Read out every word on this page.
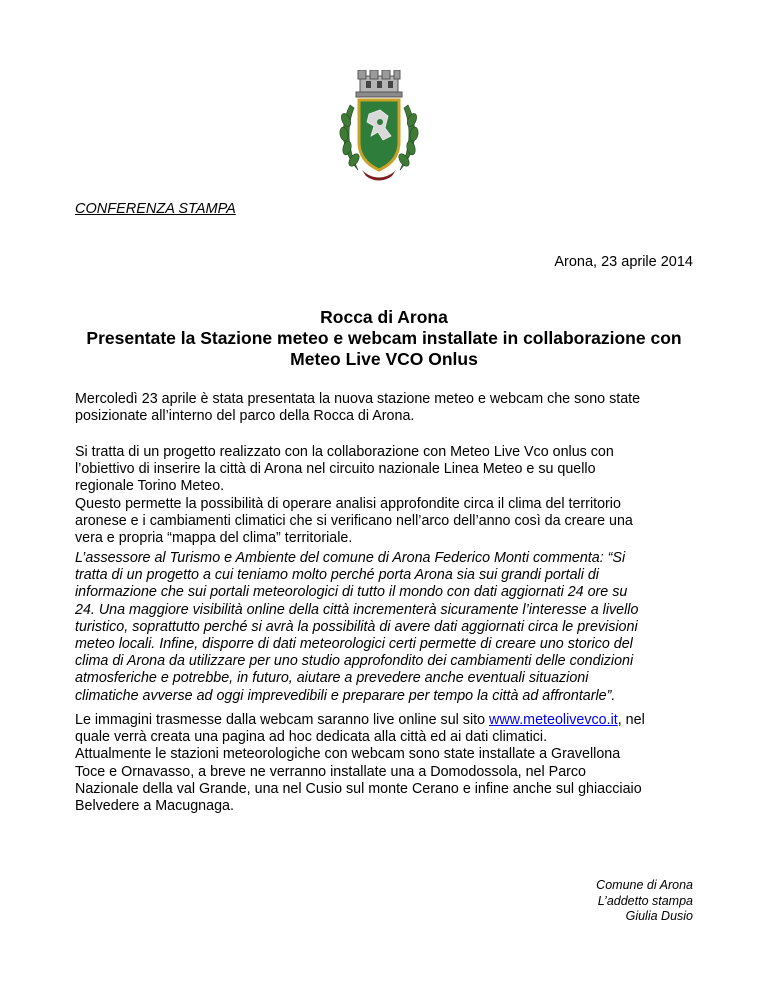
CONFERENZA STAMPA
Arona, 23 aprile 2014
Rocca di Arona
Presentate la Stazione meteo e webcam installate in collaborazione con
Meteo Live VCO Onlus
Mercoledì 23 aprile è stata presentata la nuova stazione meteo e webcam che sono state
posizionate all’interno del parco della Rocca di Arona.
Si tratta di un progetto realizzato con la collaborazione con Meteo Live Vco onlus con
l’obiettivo di inserire la città di Arona nel circuito nazionale Linea Meteo e su quello
regionale Torino Meteo.
Questo permette la possibilità di operare analisi approfondite circa il clima del territorio
aronese e i cambiamenti climatici che si verificano nell’arco dell’anno così da creare una
vera e propria “mappa del clima” territoriale.
L’assessore al Turismo e Ambiente del comune di Arona Federico Monti commenta: “Si
tratta di un progetto a cui teniamo molto perché porta Arona sia sui grandi portali di
informazione che sui portali meteorologici di tutto il mondo con dati aggiornati 24 ore su
24. Una maggiore visibilità online della città incrementerà sicuramente l’interesse a livello
turistico, soprattutto perché si avrà la possibilità di avere dati aggiornati circa le previsioni
meteo locali. Infine, disporre di dati meteorologici certi permette di creare uno storico del
clima di Arona da utilizzare per uno studio approfondito dei cambiamenti delle condizioni
atmosferiche e potrebbe, in futuro, aiutare a prevedere anche eventuali situazioni
climatiche avverse ad oggi imprevedibili e preparare per tempo la città ad affrontarle”.
Le immagini trasmesse dalla webcam saranno live online sul sito www.meteolivevco.it, nel
quale verrà creata una pagina ad hoc dedicata alla città ed ai dati climatici.
Attualmente le stazioni meteorologiche con webcam sono state installate a Gravellona
Toce e Ornavasso, a breve ne verranno installate una a Domodossola, nel Parco
Nazionale della val Grande, una nel Cusio sul monte Cerano e infine anche sul ghiacciaio
Belvedere a Macugnaga.
Comune di Arona
L’addetto stampa
Giulia Dusio
